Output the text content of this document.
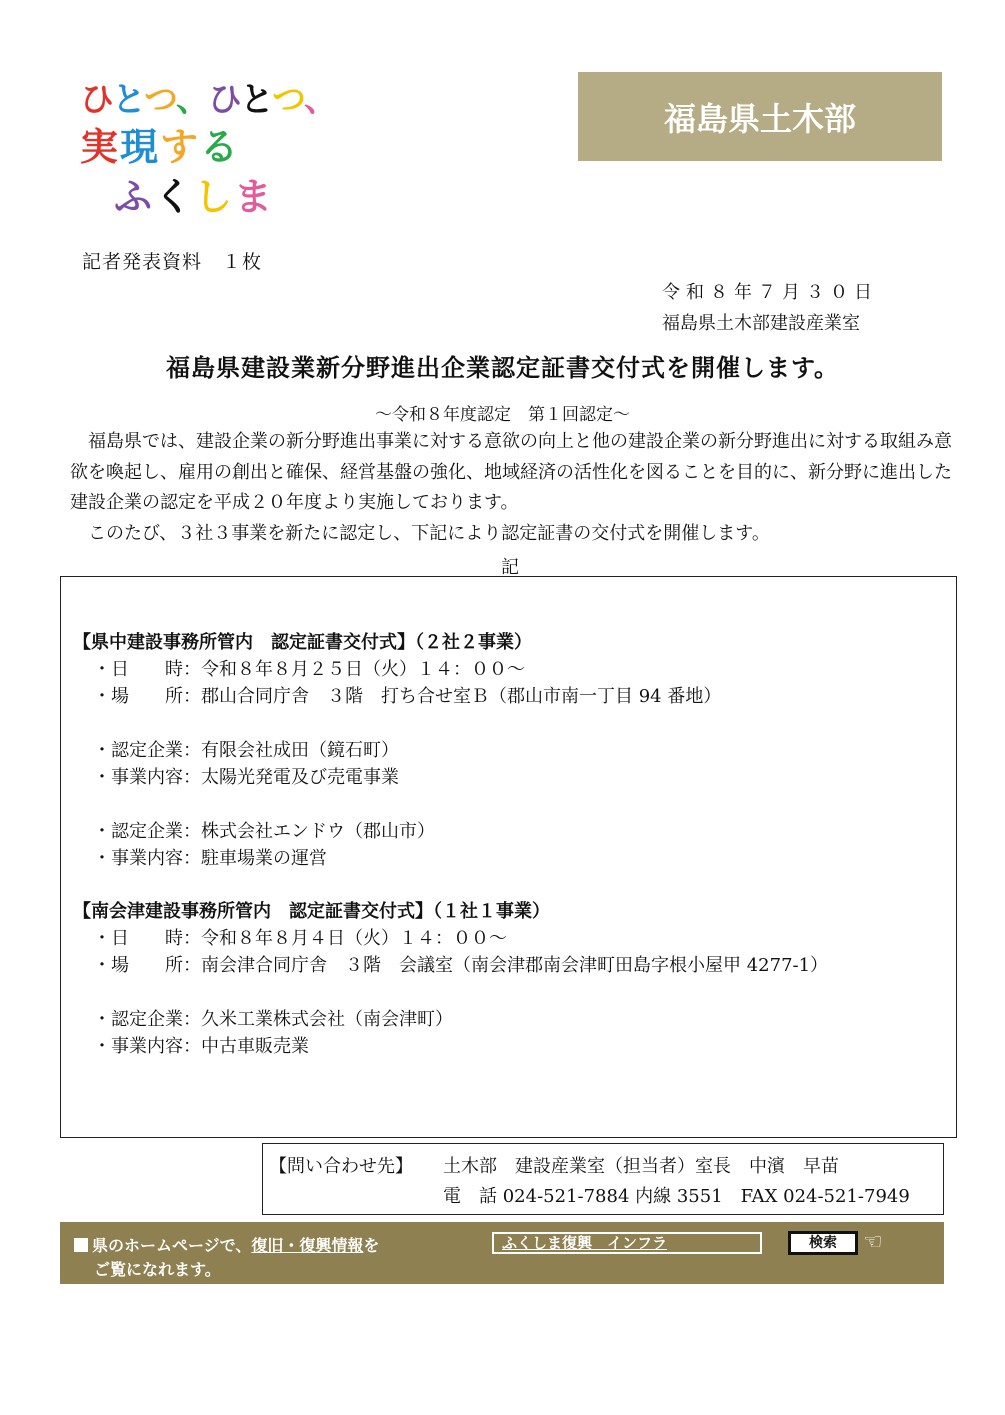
ひ
と
つ
、
ひ
と
つ
、
実 現 す る
ふ く し ま
記者発表資料　１枚
福島県土木部
令和８年７月３０日
福島県土木部建設産業室
福島県建設業新分野進出企業認定証書交付式を開催します。
～令和８年度認定　第１回認定～

　福島県では、建設企業の新分野進出事業に対する意欲の向上と他の建設企業の新分野進出に対する取組み意欲を喚起し、雇用の創出と確保、経営基盤の強化、地域経済の活性化を図ることを目的に、新分野に進出した建設企業の認定を平成２０年度より実施しております。

　このたび、３社３事業を新たに認定し、下記により認定証書の交付式を開催します。

記
【県中建設事務所管内　認定証書交付式】（２社２事業）
・日　　時：令和８年８月２５日（火）１４：００～
・場　　所：郡山合同庁舎　３階　打ち合せ室Ｂ（郡山市南一丁目 94 番地）
・認定企業：有限会社成田（鏡石町）
・事業内容：太陽光発電及び売電事業
・認定企業：株式会社エンドウ（郡山市）
・事業内容：駐車場業の運営
【南会津建設事務所管内　認定証書交付式】（１社１事業）
・日　　時：令和８年８月４日（火）１４：００～
・場　　所：南会津合同庁舎　３階　会議室（南会津郡南会津町田島字根小屋甲 4277-1）
・認定企業：久米工業株式会社（南会津町）
・事業内容：中古車販売業
【問い合わせ先】 土木部　建設産業室（担当者）室長　中濱　早苗
電　話 024-521-7884 内線 3551　FAX 024-521-7949
県のホームページで、復旧・復興情報を
ご覧になれます。
ふくしま復興　インフラ	検索	☜
